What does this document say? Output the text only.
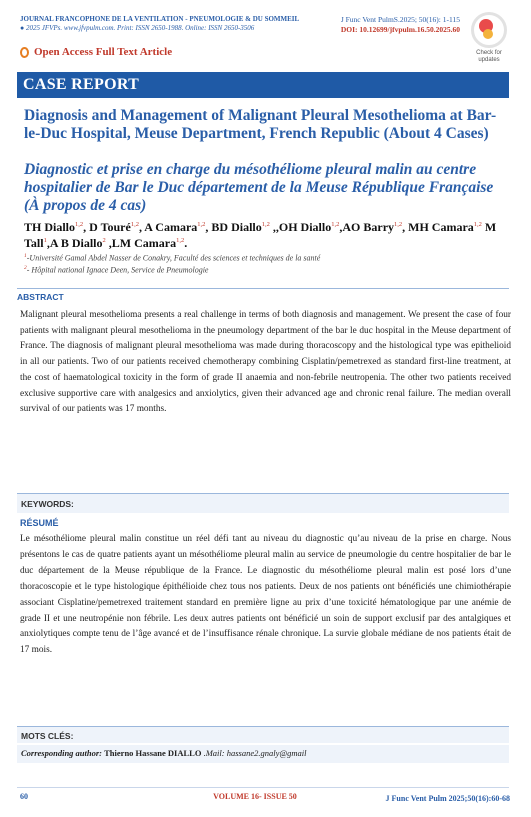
JOURNAL FRANCOPHONE DE LA VENTILATION - PNEUMOLOGIE & DU SOMMEIL
● 2025 JFVPs. www.jfvpulm.com. Print: ISSN 2650-1988. Online: ISSN 2650-3506
J Func Vent PulmS.2025; 50(16): 1-115
DOI: 10.12699/jfvpulm.16.50.2025.60
Check for
updates
Open Access Full Text Article
CASE REPORT
Diagnosis and Management of Malignant Pleural Mesothelioma at Bar-le-Duc Hospital, Meuse Department, French Republic (About 4 Cases)
Diagnostic et prise en charge du mésothéliome pleural malin au centre hospitalier de Bar le Duc département de la Meuse République Française (À propos de 4 cas)
TH Diallo$^{1,2}$, D Touré$^{1,2}$, A Camara$^{1,2}$, BD Diallo$^{1,2}$ ,,OH Diallo$^{1,2}$,AO Barry$^{1,2}$, MH Camara$^{1,2}$ M Tall$^1$,A B Diallo$^2$ ,LM Camara$^{1,2}$.
$^1$-Université Gamal Abdel Nasser de Conakry, Faculté des sciences et techniques de la santé
$^2$- Hôpital national Ignace Deen, Service de Pneumologie
ABSTRACT
Malignant pleural mesothelioma presents a real challenge in terms of both diagnosis and management. We present the case of four patients with malignant pleural mesothelioma in the pneumology department of the bar le duc hospital in the Meuse department of France. The diagnosis of malignant pleural mesothelioma was made during thoracoscopy and the histological type was epithelioid in all our patients. Two of our patients received chemotherapy combining Cisplatin/pemetrexed as standard first-line treatment, at the cost of haematological toxicity in the form of grade II anaemia and non-febrile neutropenia. The other two patients received exclusive supportive care with analgesics and anxiolytics, given their advanced age and chronic renal failure. The median overall survival of our patients was 17 months.
KEYWORDS:
RÉSUMÉ
Le mésothéliome pleural malin constitue un réel défi tant au niveau du diagnostic qu’au niveau de la prise en charge. Nous présentons le cas de quatre patients ayant un mésothéliome pleural malin au service de pneumologie du centre hospitalier de bar le duc département de la Meuse république de la France. Le diagnostic du mésothéliome pleural malin est posé lors d’une thoracoscopie et le type histologique épithélioide chez tous nos patients. Deux de nos patients ont bénéficiés une chimiothérapie associant Cisplatine/pemetrexed traitement standard en première ligne au prix d’une toxicité hématologique par une anémie de grade II et une neutropénie non fébrile. Les deux autres patients ont bénéficié un soin de support exclusif par des antalgiques et anxiolytiques compte tenu de l’âge avancé et de l’insuffisance rénale chronique. La survie globale médiane de nos patients était de 17 mois.
MOTS CLÉS:
Corresponding author: Thierno Hassane DIALLO .Mail: hassane2.gnaly@gmail
60	VOLUME 16- ISSUE 50	J Func Vent Pulm 2025;50(16):60-68
